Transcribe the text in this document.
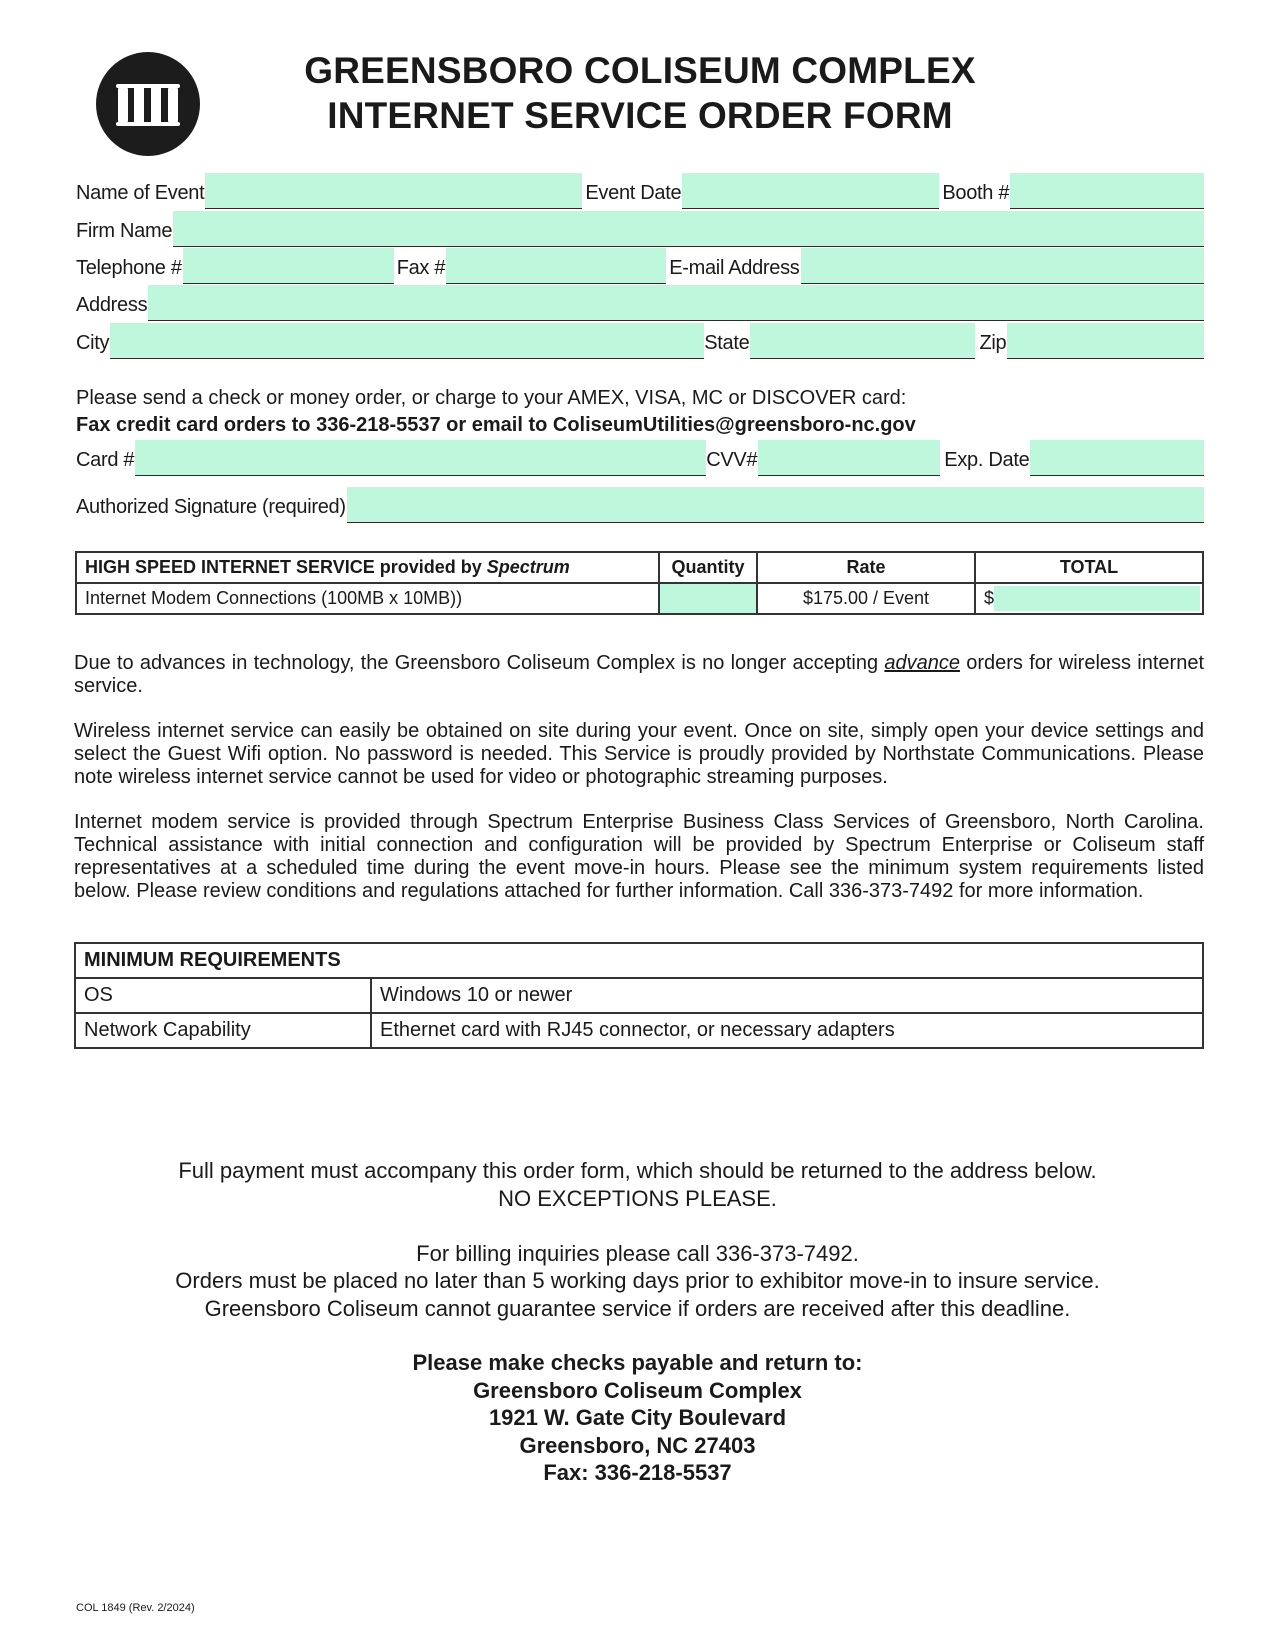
GREENSBORO COLISEUM COMPLEX
INTERNET SERVICE ORDER FORM
Name of Event	Event Date	Booth #
Firm Name
Telephone #	Fax #	E-mail Address
Address
City	State	Zip
Please send a check or money order, or charge to your AMEX, VISA, MC or DISCOVER card:
Fax credit card orders to 336-218-5537 or email to ColiseumUtilities@greensboro-nc.gov
Card #	CVV#	Exp. Date
Authorized Signature (required)
HIGH SPEED INTERNET SERVICE provided by Spectrum	Quantity	Rate	TOTAL
Internet Modem Connections (100MB x 10MB))		$175.00 / Event	$
Due to advances in technology, the Greensboro Coliseum Complex is no longer accepting advance orders for wireless internet service.
Wireless internet service can easily be obtained on site during your event. Once on site, simply open your device settings and select the Guest Wifi option. No password is needed. This Service is proudly provided by Northstate Communications. Please note wireless internet service cannot be used for video or photographic streaming purposes.
Internet modem service is provided through Spectrum Enterprise Business Class Services of Greensboro, North Carolina. Technical assistance with initial connection and configuration will be provided by Spectrum Enterprise or Coliseum staff representatives at a scheduled time during the event move-in hours. Please see the minimum system requirements listed below. Please review conditions and regulations attached for further information. Call 336-373-7492 for more information.
MINIMUM REQUIREMENTS	
OS	Windows 10 or newer
Network Capability	Ethernet card with RJ45 connector, or necessary adapters
Full payment must accompany this order form, which should be returned to the address below.
NO EXCEPTIONS PLEASE.
For billing inquiries please call 336-373-7492.
Orders must be placed no later than 5 working days prior to exhibitor move-in to insure service.
Greensboro Coliseum cannot guarantee service if orders are received after this deadline.
Please make checks payable and return to:
Greensboro Coliseum Complex
1921 W. Gate City Boulevard
Greensboro, NC 27403
Fax: 336-218-5537
COL 1849 (Rev. 2/2024)
